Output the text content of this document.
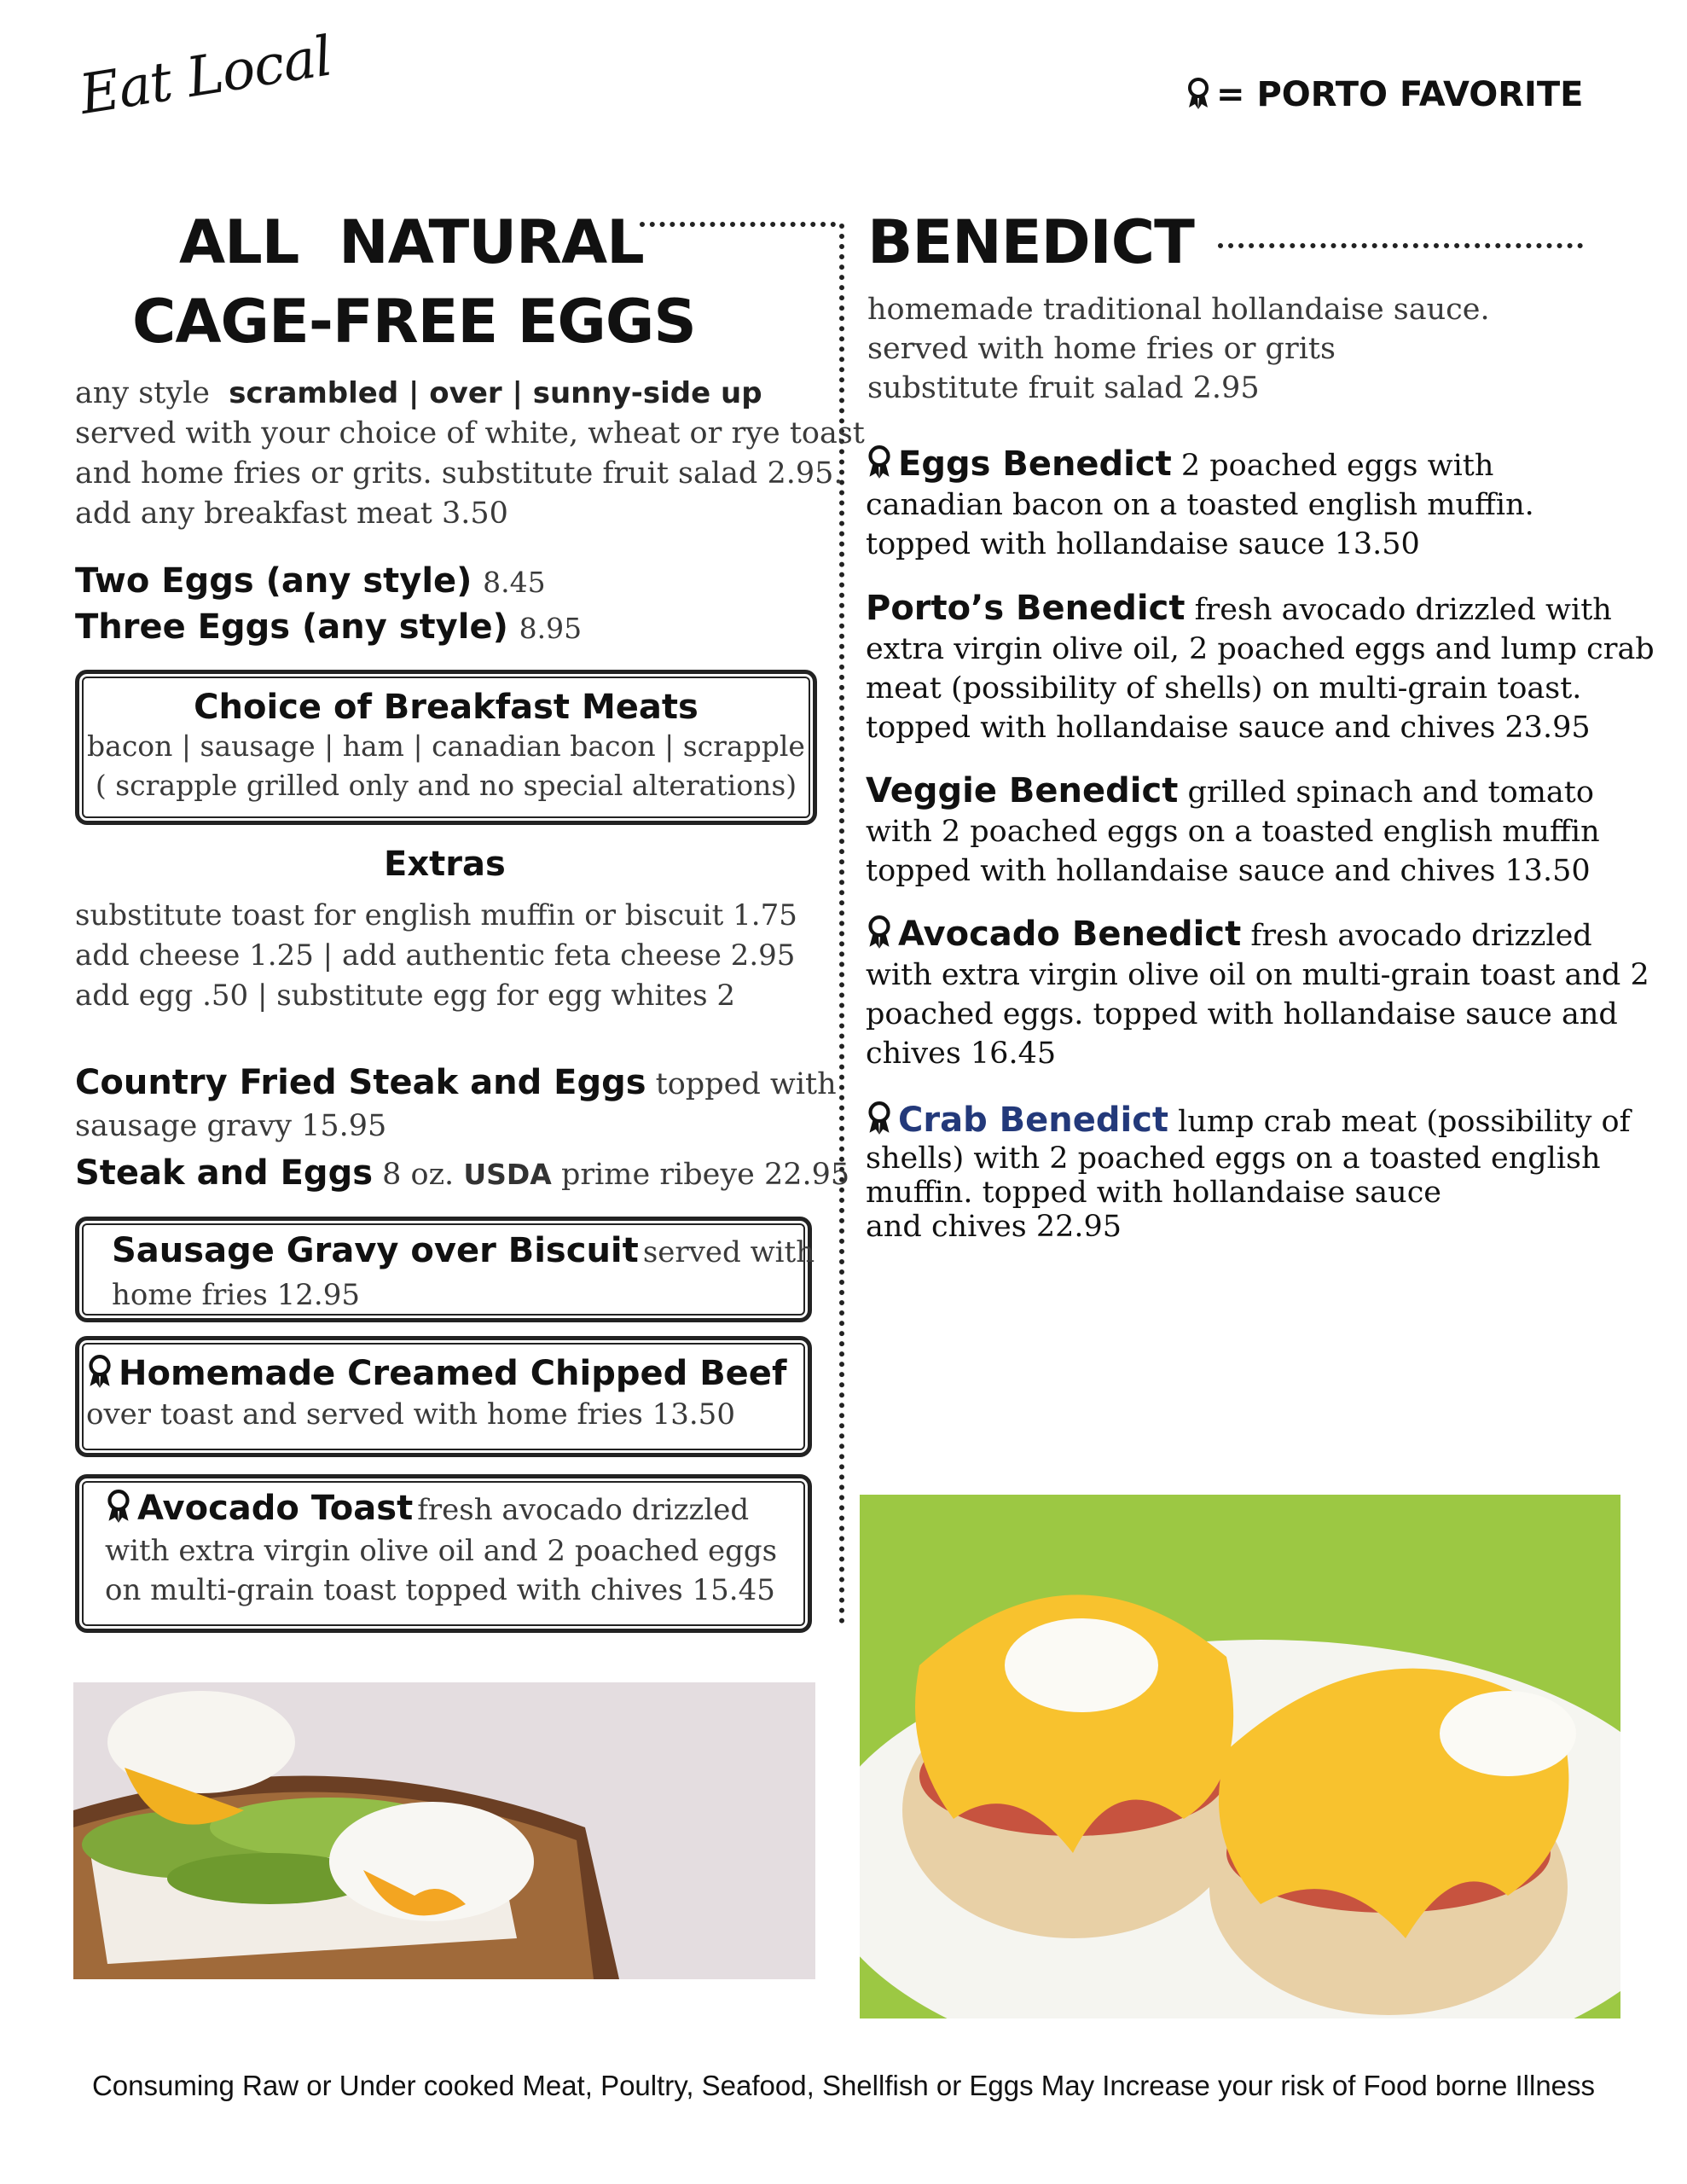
Eat Local	= PORTO FAVORITE
ALL  NATURAL
CAGE-FREE EGGS
any style scrambled | over | sunny-side up
served with your choice of white, wheat or rye toast
and home fries or grits. substitute fruit salad 2.95.
add any breakfast meat 3.50
Two Eggs (any style) 8.45
Three Eggs (any style) 8.95
Choice of Breakfast Meats
bacon | sausage | ham | canadian bacon | scrapple
( scrapple grilled only and no special alterations)
Extras
substitute toast for english muffin or biscuit 1.75
add cheese 1.25 | add authentic feta cheese 2.95
add egg .50 | substitute egg for egg whites 2
Country Fried Steak and Eggs topped with
sausage gravy 15.95
Steak and Eggs 8 oz. USDA prime ribeye 22.95
Sausage Gravy over Biscuit served with
home fries 12.95
Homemade Creamed Chipped Beef
over toast and served with home fries 13.50
Avocado Toast fresh avocado drizzled
with extra virgin olive oil and 2 poached eggs
on multi-grain toast topped with chives 15.45
BENEDICT
homemade traditional hollandaise sauce.
served with home fries or grits
substitute fruit salad 2.95
Eggs Benedict 2 poached eggs with
canadian bacon on a toasted english muffin.
topped with hollandaise sauce 13.50
Porto’s Benedict fresh avocado drizzled with
extra virgin olive oil, 2 poached eggs and lump crab
meat (possibility of shells) on multi-grain toast.
topped with hollandaise sauce and chives 23.95
Veggie Benedict grilled spinach and tomato
with 2 poached eggs on a toasted english muffin
topped with hollandaise sauce and chives 13.50
Avocado Benedict fresh avocado drizzled
with extra virgin olive oil on multi-grain toast and 2
poached eggs. topped with hollandaise sauce and
chives 16.45
Crab Benedict lump crab meat (possibility of
shells) with 2 poached eggs on a toasted english
muffin. topped with hollandaise sauce
and chives 22.95
Consuming Raw or Under cooked Meat, Poultry, Seafood, Shellfish or Eggs May Increase your risk of Food borne Illness
